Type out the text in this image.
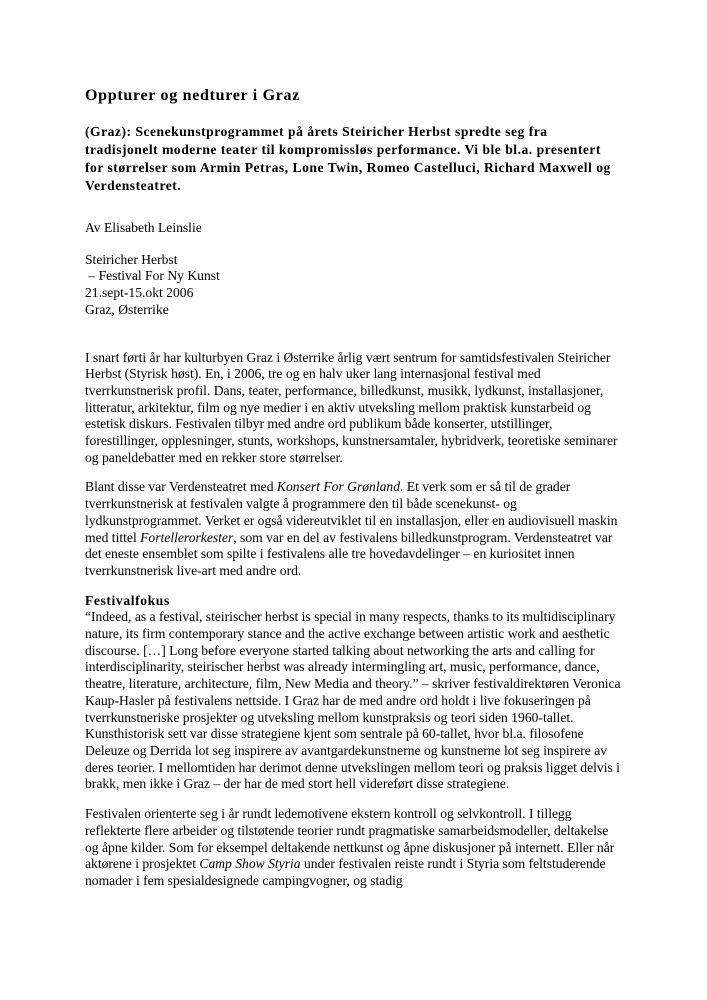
Oppturer og nedturer i Graz

(Graz): Scenekunstprogrammet på årets Steiricher Herbst spredte seg fra tradisjonelt moderne teater til kompromissløs performance. Vi ble bl.a. presentert for størrelser som Armin Petras, Lone Twin, Romeo Castelluci, Richard Maxwell og Verdensteatret.

Av Elisabeth Leinslie

Steiricher Herbst
– Festival For Ny Kunst
21.sept-15.okt 2006
Graz, Østerrike

I snart førti år har kulturbyen Graz i Østerrike årlig vært sentrum for samtidsfestivalen Steiricher Herbst (Styrisk høst). En, i 2006, tre og en halv uker lang internasjonal festival med tverrkunstnerisk profil. Dans, teater, performance, billedkunst, musikk, lydkunst, installasjoner, litteratur, arkitektur, film og nye medier i en aktiv utveksling mellom praktisk kunstarbeid og estetisk diskurs. Festivalen tilbyr med andre ord publikum både konserter, utstillinger, forestillinger, opplesninger, stunts, workshops, kunstnersamtaler, hybridverk, teoretiske seminarer og paneldebatter med en rekker store størrelser.

Blant disse var Verdensteatret med Konsert For Grønland. Et verk som er så til de grader tverrkunstnerisk at festivalen valgte å programmere den til både scenekunst- og lydkunstprogrammet. Verket er også videreutviklet til en installasjon, eller en audiovisuell maskin med tittel Fortellerorkester, som var en del av festivalens billedkunstprogram. Verdensteatret var det eneste ensemblet som spilte i festivalens alle tre hovedavdelinger – en kuriositet innen tverrkunstnerisk live-art med andre ord.

Festivalfokus

“Indeed, as a festival, steirischer herbst is special in many respects, thanks to its multidisciplinary nature, its firm contemporary stance and the active exchange between artistic work and aesthetic discourse. […] Long before everyone started talking about networking the arts and calling for interdisciplinarity, steirischer herbst was already intermingling art, music, performance, dance, theatre, literature, architecture, film, New Media and theory.” – skriver festivaldirektøren Veronica Kaup-Hasler på festivalens nettside. I Graz har de med andre ord holdt i live fokuseringen på tverrkunstneriske prosjekter og utveksling mellom kunstpraksis og teori siden 1960-tallet. Kunsthistorisk sett var disse strategiene kjent som sentrale på 60-tallet, hvor bl.a. filosofene Deleuze og Derrida lot seg inspirere av avantgardekunstnerne og kunstnerne lot seg inspirere av deres teorier. I mellomtiden har derimot denne utvekslingen mellom teori og praksis ligget delvis i brakk, men ikke i Graz – der har de med stort hell videreført disse strategiene.

Festivalen orienterte seg i år rundt ledemotivene ekstern kontroll og selvkontroll. I tillegg reflekterte flere arbeider og tilstøtende teorier rundt pragmatiske samarbeidsmodeller, deltakelse og åpne kilder. Som for eksempel deltakende nettkunst og åpne diskusjoner på internett. Eller når aktørene i prosjektet Camp Show Styria under festivalen reiste rundt i Styria som feltstuderende nomader i fem spesialdesignede campingvogner, og stadig
